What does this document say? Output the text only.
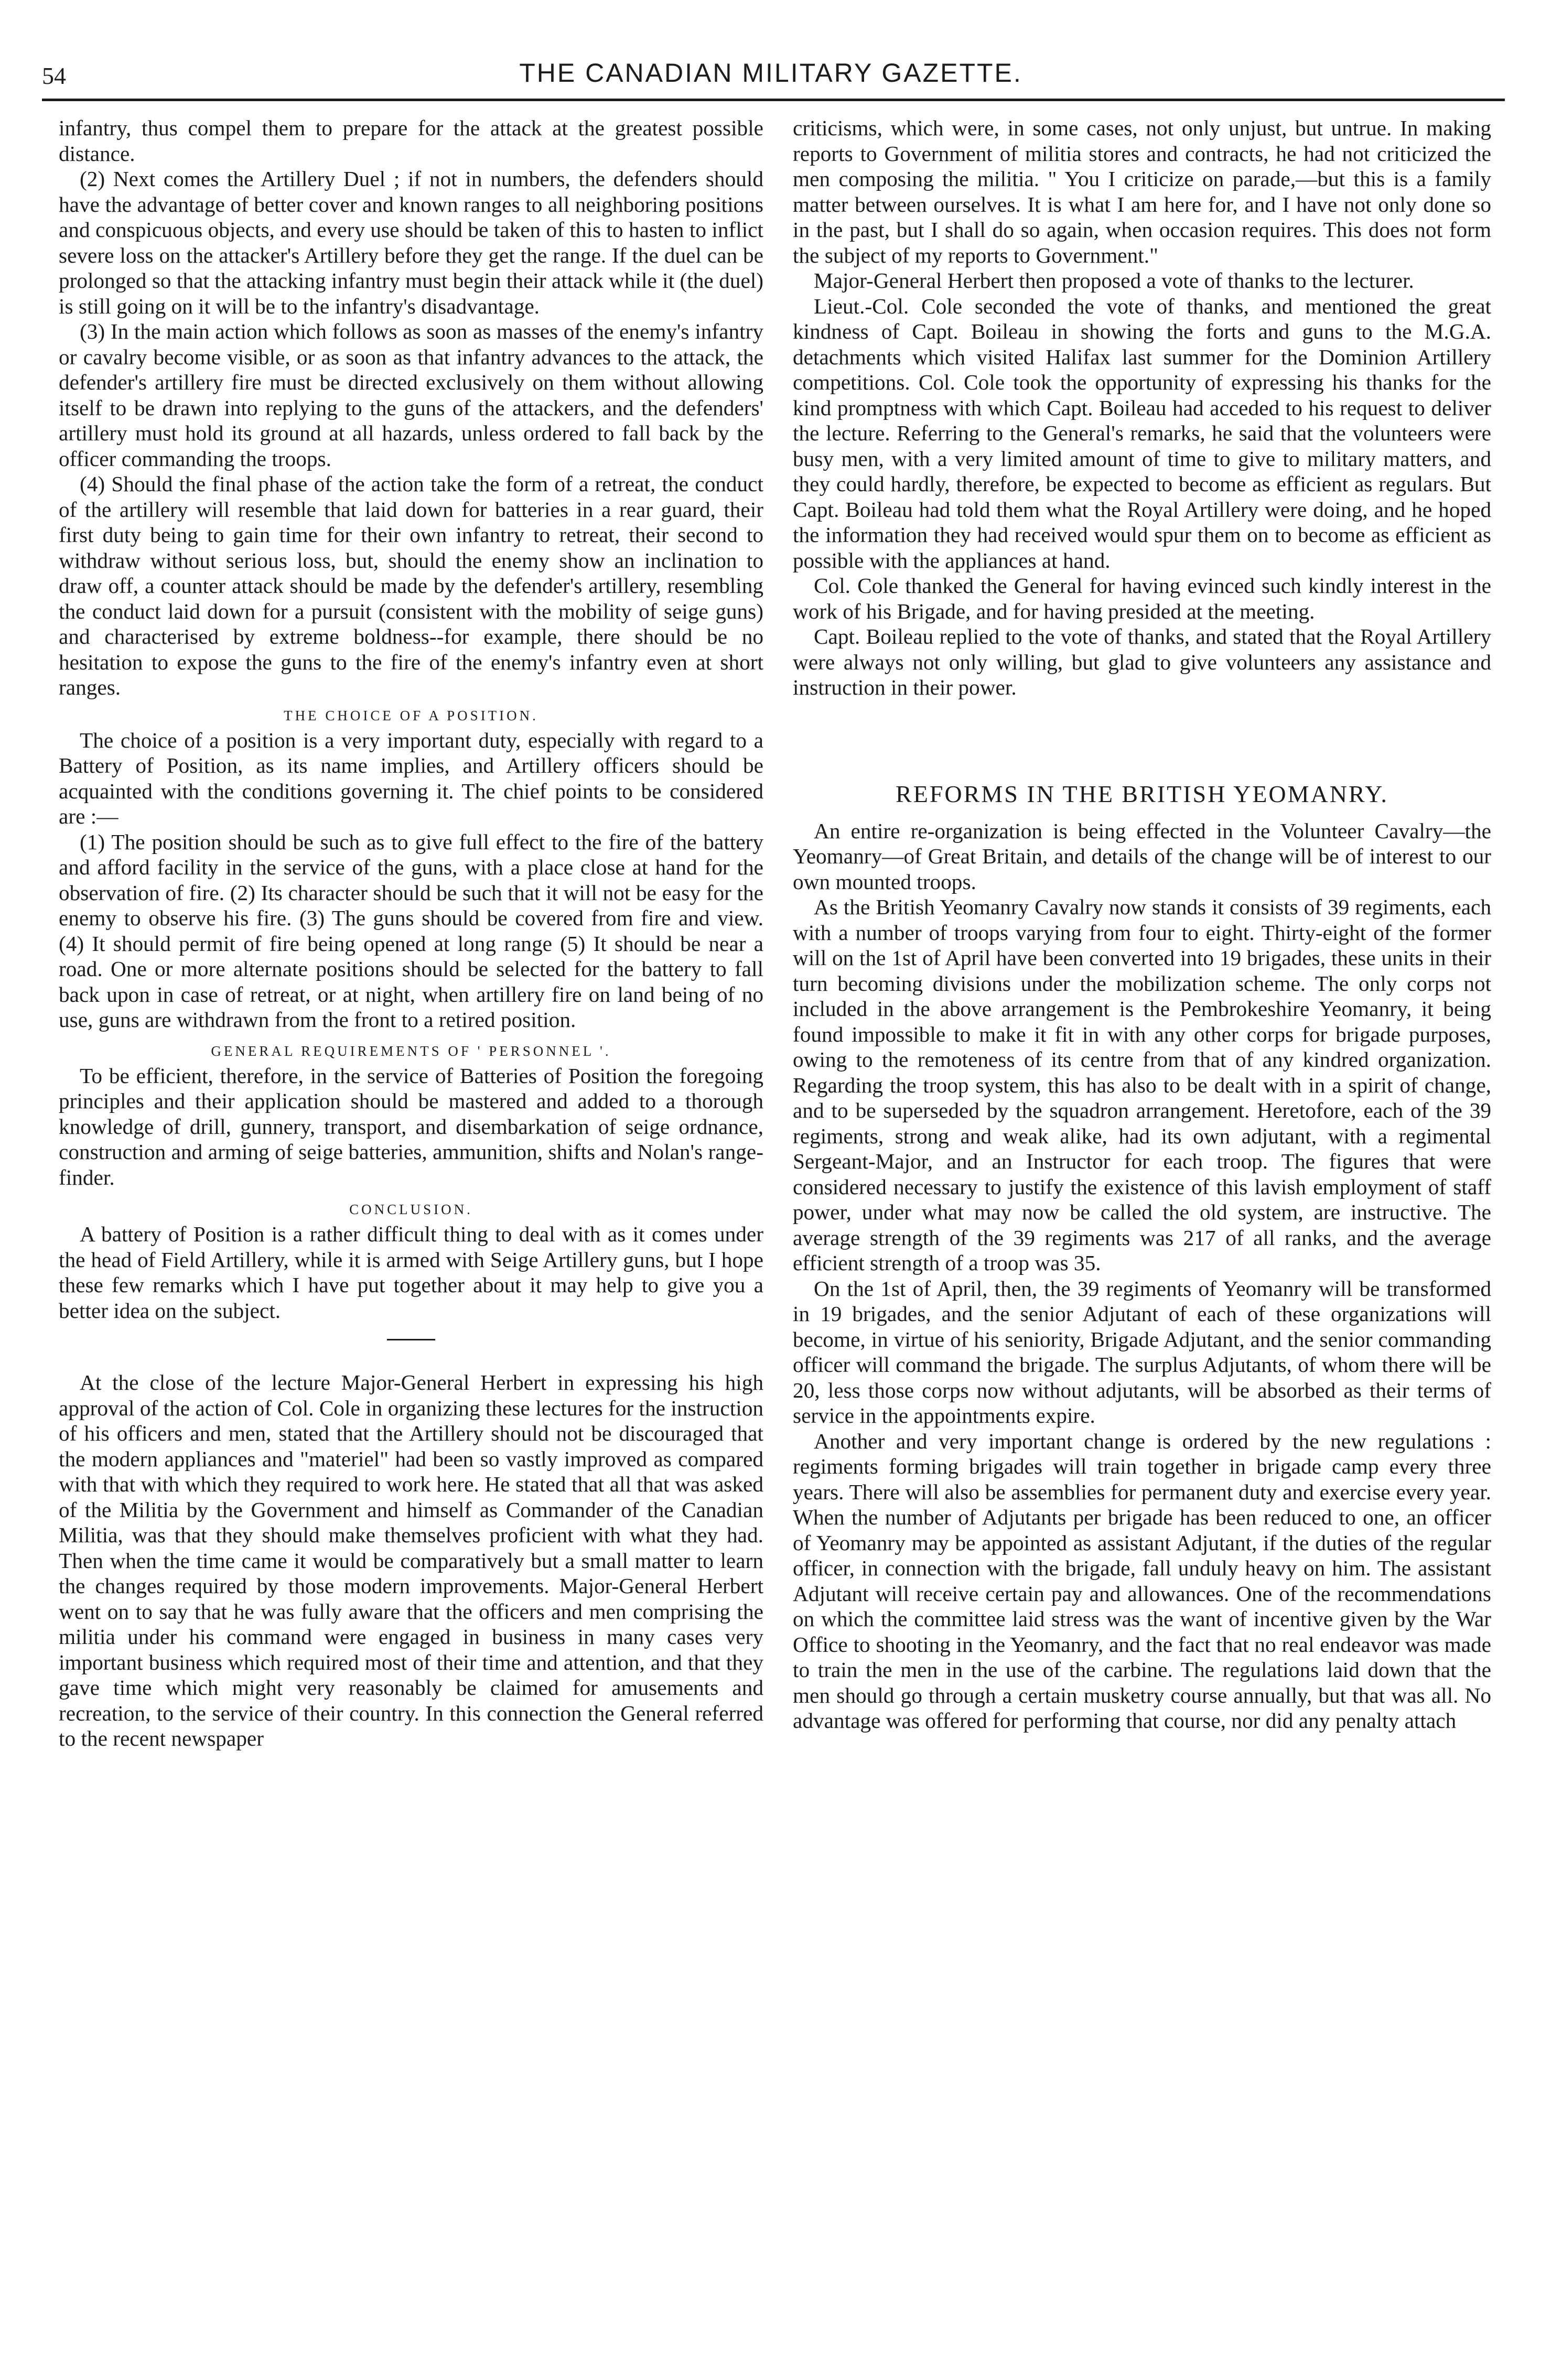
54	THE CANADIAN MILITARY GAZETTE.

infantry, thus compel them to prepare for the attack at the greatest possible distance.

(2) Next comes the Artillery Duel ; if not in numbers, the defenders should have the advantage of better cover and known ranges to all neighboring positions and conspicuous objects, and every use should be taken of this to hasten to inflict severe loss on the attacker's Artillery before they get the range. If the duel can be prolonged so that the attacking infantry must begin their attack while it (the duel) is still going on it will be to the infantry's disadvantage.

(3) In the main action which follows as soon as masses of the enemy's infantry or cavalry become visible, or as soon as that infantry advances to the attack, the defender's artillery fire must be directed exclusively on them without allowing itself to be drawn into replying to the guns of the attackers, and the defenders' artillery must hold its ground at all hazards, unless ordered to fall back by the officer commanding the troops.

(4) Should the final phase of the action take the form of a retreat, the conduct of the artillery will resemble that laid down for batteries in a rear guard, their first duty being to gain time for their own infantry to retreat, their second to withdraw without serious loss, but, should the enemy show an inclination to draw off, a counter attack should be made by the defender's artillery, resembling the conduct laid down for a pursuit (consistent with the mobility of seige guns) and characterised by extreme boldness--for example, there should be no hesitation to expose the guns to the fire of the enemy's infantry even at short ranges.

THE CHOICE OF A POSITION.

The choice of a position is a very important duty, especially with regard to a Battery of Position, as its name implies, and Artillery officers should be acquainted with the conditions governing it. The chief points to be considered are :—

(1) The position should be such as to give full effect to the fire of the battery and afford facility in the service of the guns, with a place close at hand for the observation of fire. (2) Its character should be such that it will not be easy for the enemy to observe his fire. (3) The guns should be covered from fire and view. (4) It should permit of fire being opened at long range (5) It should be near a road. One or more alternate positions should be selected for the battery to fall back upon in case of retreat, or at night, when artillery fire on land being of no use, guns are withdrawn from the front to a retired position.

GENERAL REQUIREMENTS OF ' PERSONNEL '.

To be efficient, therefore, in the service of Batteries of Position the foregoing principles and their application should be mastered and added to a thorough knowledge of drill, gunnery, transport, and disembarkation of seige ordnance, construction and arming of seige batteries, ammunition, shifts and Nolan's range-finder.

CONCLUSION.

A battery of Position is a rather difficult thing to deal with as it comes under the head of Field Artillery, while it is armed with Seige Artillery guns, but I hope these few remarks which I have put together about it may help to give you a better idea on the subject.

At the close of the lecture Major-General Herbert in expressing his high approval of the action of Col. Cole in organizing these lectures for the instruction of his officers and men, stated that the Artillery should not be discouraged that the modern appliances and "materiel" had been so vastly improved as compared with that with which they required to work here. He stated that all that was asked of the Militia by the Government and himself as Commander of the Canadian Militia, was that they should make themselves proficient with what they had. Then when the time came it would be comparatively but a small matter to learn the changes required by those modern improvements. Major-General Herbert went on to say that he was fully aware that the officers and men comprising the militia under his command were engaged in business in many cases very important business which required most of their time and attention, and that they gave time which might very reasonably be claimed for amusements and recreation, to the service of their country. In this connection the General referred to the recent newspaper

criticisms, which were, in some cases, not only unjust, but untrue. In making reports to Government of militia stores and contracts, he had not criticized the men composing the militia. " You I criticize on parade,—but this is a family matter between ourselves. It is what I am here for, and I have not only done so in the past, but I shall do so again, when occasion requires. This does not form the subject of my reports to Government."

Major-General Herbert then proposed a vote of thanks to the lecturer.

Lieut.-Col. Cole seconded the vote of thanks, and mentioned the great kindness of Capt. Boileau in showing the forts and guns to the M.G.A. detachments which visited Halifax last summer for the Dominion Artillery competitions. Col. Cole took the opportunity of expressing his thanks for the kind promptness with which Capt. Boileau had acceded to his request to deliver the lecture. Referring to the General's remarks, he said that the volunteers were busy men, with a very limited amount of time to give to military matters, and they could hardly, therefore, be expected to become as efficient as regulars. But Capt. Boileau had told them what the Royal Artillery were doing, and he hoped the information they had received would spur them on to become as efficient as possible with the appliances at hand.

Col. Cole thanked the General for having evinced such kindly interest in the work of his Brigade, and for having presided at the meeting.

Capt. Boileau replied to the vote of thanks, and stated that the Royal Artillery were always not only willing, but glad to give volunteers any assistance and instruction in their power.

REFORMS IN THE BRITISH YEOMANRY.

An entire re-organization is being effected in the Volunteer Cavalry—the Yeomanry—of Great Britain, and details of the change will be of interest to our own mounted troops.

As the British Yeomanry Cavalry now stands it consists of 39 regiments, each with a number of troops varying from four to eight. Thirty-eight of the former will on the 1st of April have been converted into 19 brigades, these units in their turn becoming divisions under the mobilization scheme. The only corps not included in the above arrangement is the Pembrokeshire Yeomanry, it being found impossible to make it fit in with any other corps for brigade purposes, owing to the remoteness of its centre from that of any kindred organization. Regarding the troop system, this has also to be dealt with in a spirit of change, and to be superseded by the squadron arrangement. Heretofore, each of the 39 regiments, strong and weak alike, had its own adjutant, with a regimental Sergeant-Major, and an Instructor for each troop. The figures that were considered necessary to justify the existence of this lavish employment of staff power, under what may now be called the old system, are instructive. The average strength of the 39 regiments was 217 of all ranks, and the average efficient strength of a troop was 35.

On the 1st of April, then, the 39 regiments of Yeomanry will be transformed in 19 brigades, and the senior Adjutant of each of these organizations will become, in virtue of his seniority, Brigade Adjutant, and the senior commanding officer will command the brigade. The surplus Adjutants, of whom there will be 20, less those corps now without adjutants, will be absorbed as their terms of service in the appointments expire.

Another and very important change is ordered by the new regulations : regiments forming brigades will train together in brigade camp every three years. There will also be assemblies for permanent duty and exercise every year. When the number of Adjutants per brigade has been reduced to one, an officer of Yeomanry may be appointed as assistant Adjutant, if the duties of the regular officer, in connection with the brigade, fall unduly heavy on him. The assistant Adjutant will receive certain pay and allowances. One of the recommendations on which the committee laid stress was the want of incentive given by the War Office to shooting in the Yeomanry, and the fact that no real endeavor was made to train the men in the use of the carbine. The regulations laid down that the men should go through a certain musketry course annually, but that was all. No advantage was offered for performing that course, nor did any penalty attach
